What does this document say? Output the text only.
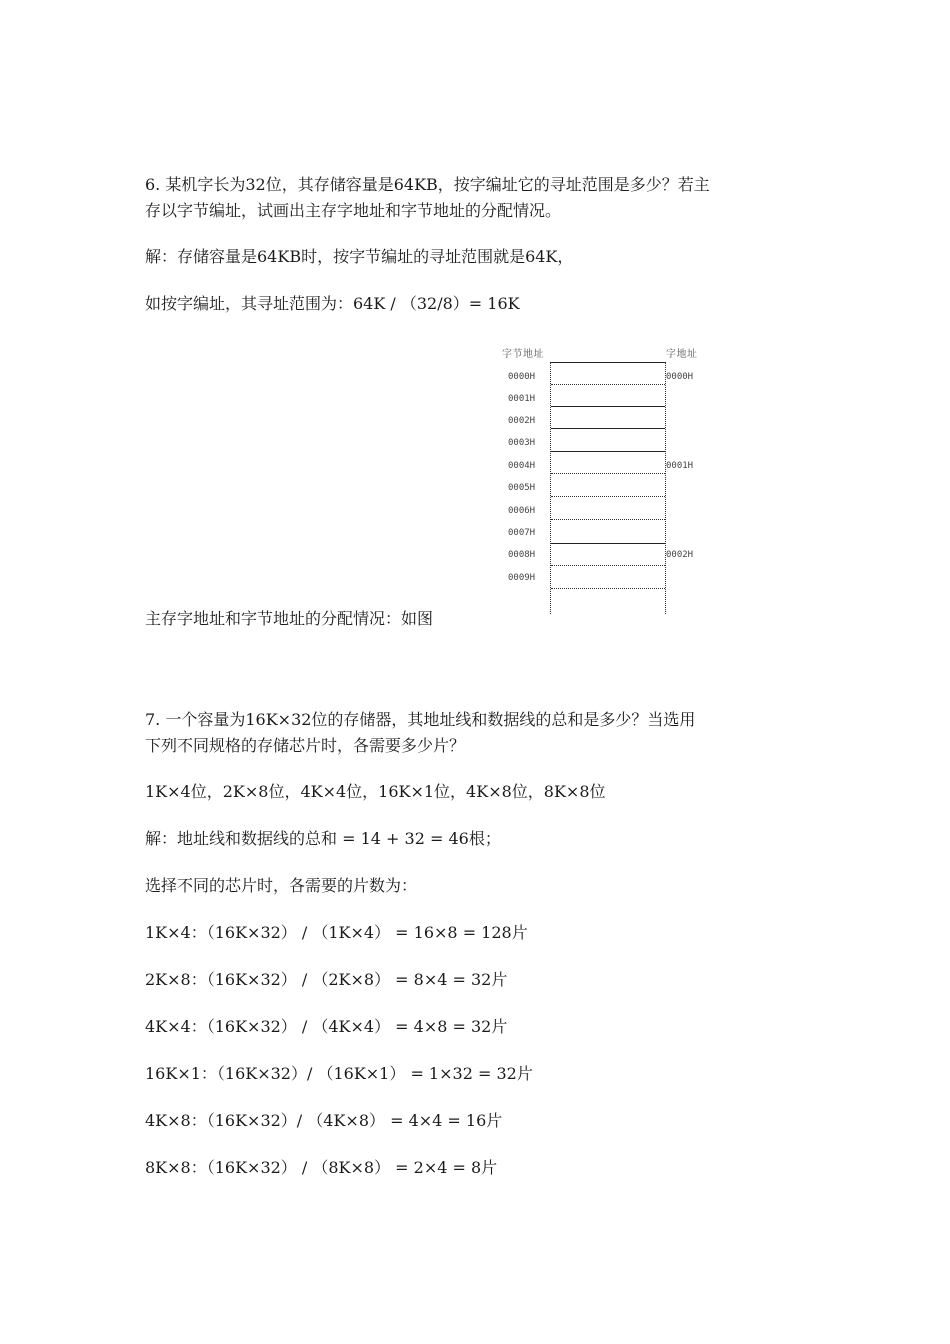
6. 某机字长为32位，其存储容量是64KB，按字编址它的寻址范围是多少？若主

存以字节编址，试画出主存字地址和字节地址的分配情况。

解：存储容量是64KB时，按字节编址的寻址范围就是64K，

如按字编址，其寻址范围为：64K / （32/8）= 16K

字节地址	字地址
0000H
0001H
0002H
0003H
0004H
0005H
0006H
0007H
0008H
0009H
0000H
0001H
0002H

主存字地址和字节地址的分配情况：如图

7. 一个容量为16K×32位的存储器，其地址线和数据线的总和是多少？当选用

下列不同规格的存储芯片时，各需要多少片？

1K×4位，2K×8位，4K×4位，16K×1位，4K×8位，8K×8位

解：地址线和数据线的总和 = 14 + 32 = 46根；

选择不同的芯片时，各需要的片数为：

1K×4：（16K×32） / （1K×4） = 16×8 = 128片

2K×8：（16K×32） / （2K×8） = 8×4 = 32片

4K×4：（16K×32） / （4K×4） = 4×8 = 32片

16K×1：（16K×32）/ （16K×1） = 1×32 = 32片

4K×8：（16K×32）/ （4K×8） = 4×4 = 16片

8K×8：（16K×32） / （8K×8） = 2×4 = 8片
